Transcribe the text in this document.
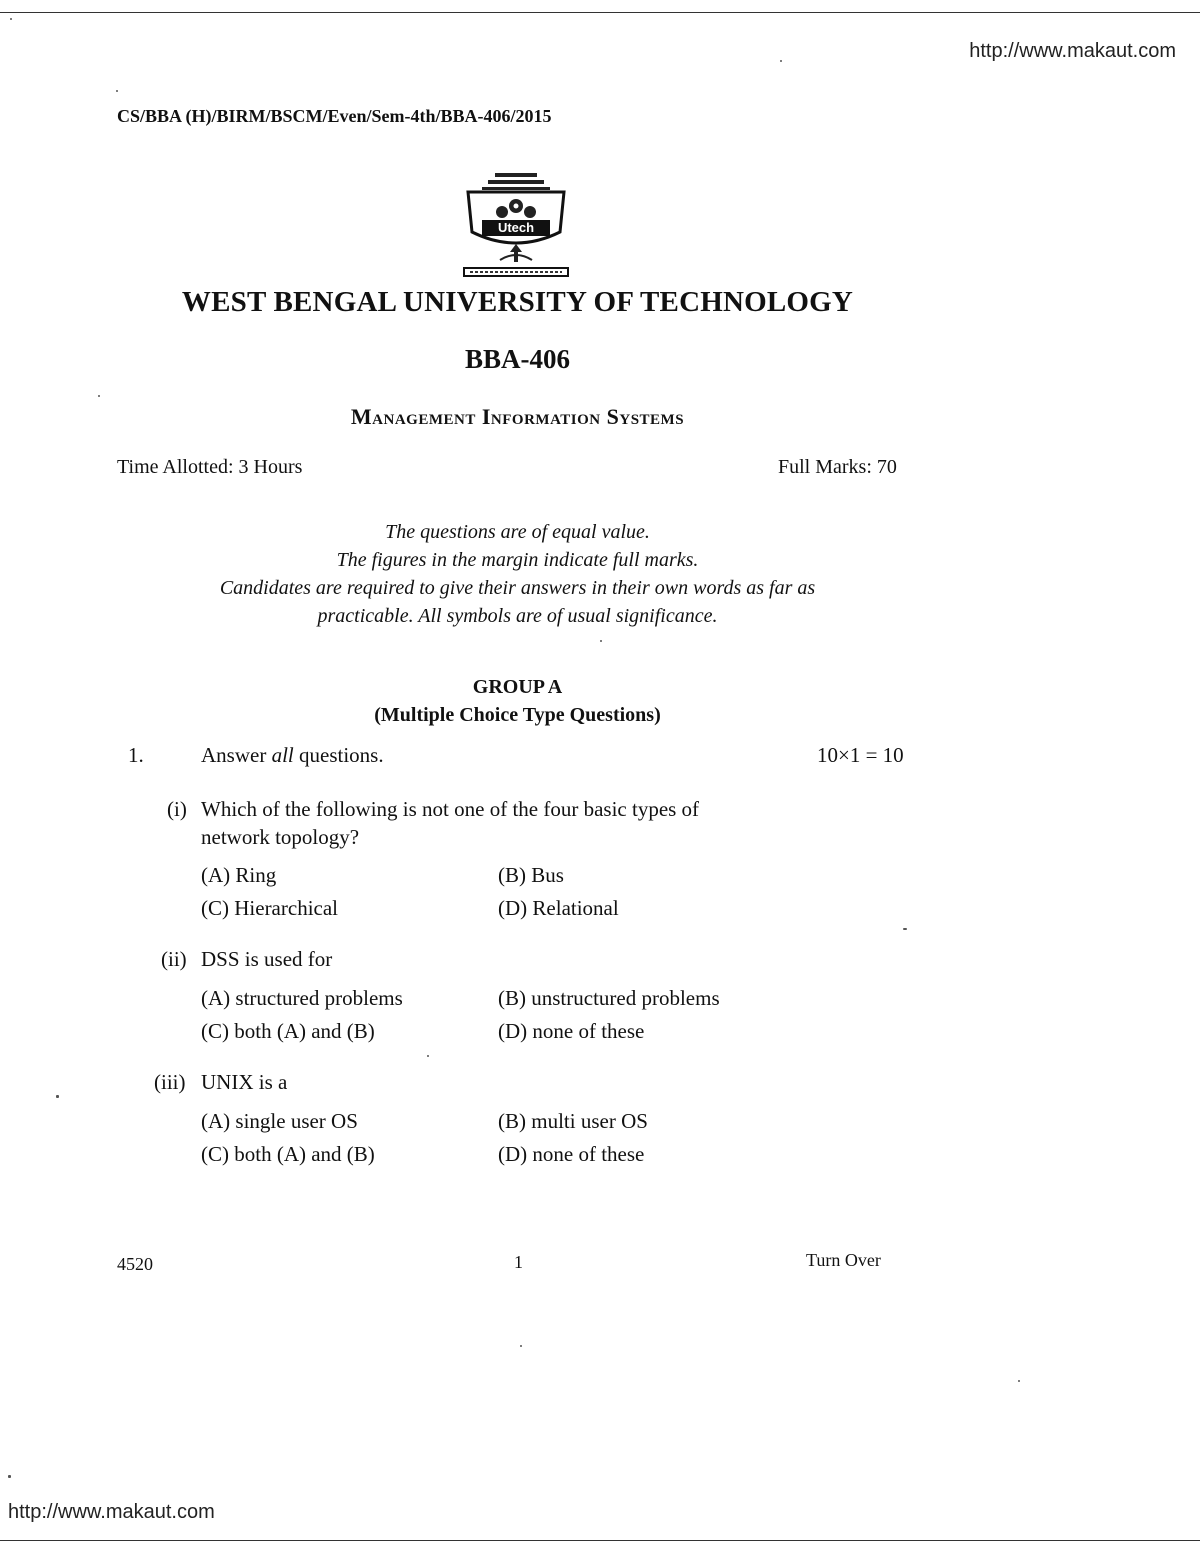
http://www.makaut.com
CS/BBA (H)/BIRM/BSCM/Even/Sem-4th/BBA-406/2015
Utech
WEST BENGAL UNIVERSITY OF TECHNOLOGY
BBA-406
Management Information Systems
Time Allotted: 3 Hours	Full Marks: 70
The questions are of equal value.
The figures in the margin indicate full marks.
Candidates are required to give their answers in their own words as far as
practicable. All symbols are of usual significance.
GROUP A
(Multiple Choice Type Questions)
1.	Answer all questions.	10×1 = 10
(i) Which of the following is not one of the four basic types of
network topology?
(A) Ring	(B) Bus
(C) Hierarchical	(D) Relational
(ii) DSS is used for
(A) structured problems	(B) unstructured problems
(C) both (A) and (B)	(D) none of these
(iii) UNIX is a
(A) single user OS	(B) multi user OS
(C) both (A) and (B)	(D) none of these
4520	1	Turn Over
http://www.makaut.com
